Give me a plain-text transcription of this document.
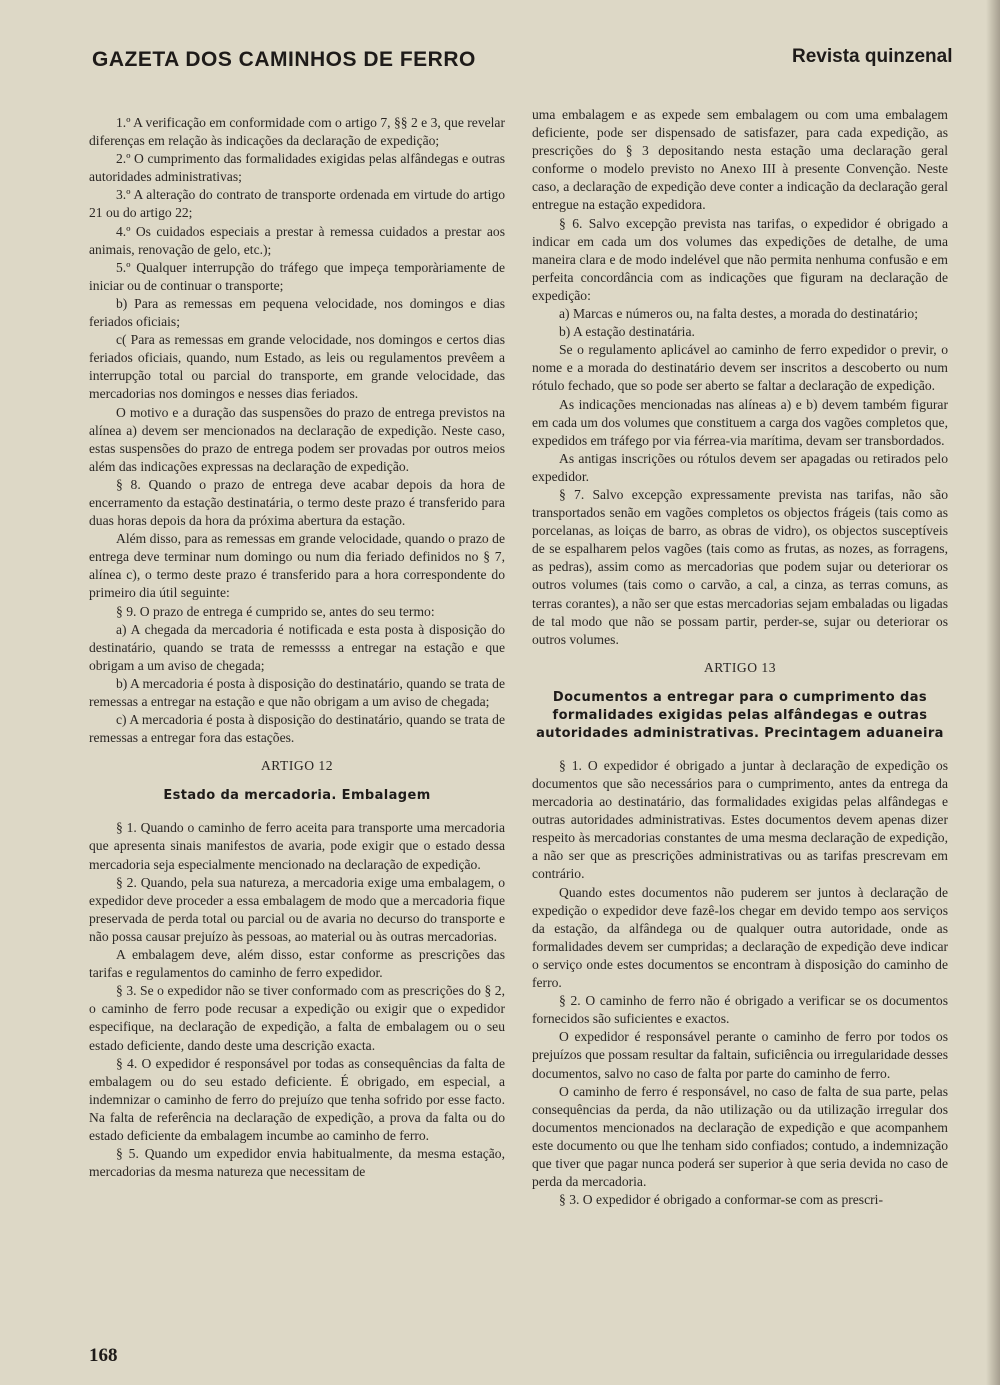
GAZETA DOS CAMINHOS DE FERRO	Revista quinzenal

1.º A verificação em conformidade com o artigo 7, §§ 2 e 3, que revelar diferenças em relação às indicações da declaração de expedição;

2.º O cumprimento das formalidades exigidas pelas alfândegas e outras autoridades administrativas;

3.º A alteração do contrato de transporte ordenada em virtude do artigo 21 ou do artigo 22;

4.º Os cuidados especiais a prestar à remessa cuidados a prestar aos animais, renovação de gelo, etc.);

5.º Qualquer interrupção do tráfego que impeça temporàriamente de iniciar ou de continuar o transporte;

b) Para as remessas em pequena velocidade, nos domingos e dias feriados oficiais;

c( Para as remessas em grande velocidade, nos domingos e certos dias feriados oficiais, quando, num Estado, as leis ou regulamentos prevêem a interrupção total ou parcial do transporte, em grande velocidade, das mercadorias nos domingos e nesses dias feriados.

O motivo e a duração das suspensões do prazo de entrega previstos na alínea a) devem ser mencionados na declaração de expedição. Neste caso, estas suspensões do prazo de entrega podem ser provadas por outros meios além das indicações expressas na declaração de expedição.

§ 8. Quando o prazo de entrega deve acabar depois da hora de encerramento da estação destinatária, o termo deste prazo é transferido para duas horas depois da hora da próxima abertura da estação.

Além disso, para as remessas em grande velocidade, quando o prazo de entrega deve terminar num domingo ou num dia feriado definidos no § 7, alínea c), o termo deste prazo é transferido para a hora correspondente do primeiro dia útil seguinte:

§ 9. O prazo de entrega é cumprido se, antes do seu termo:

a) A chegada da mercadoria é notificada e esta posta à disposição do destinatário, quando se trata de remessss a entregar na estação e que obrigam a um aviso de chegada;

b) A mercadoria é posta à disposição do destinatário, quando se trata de remessas a entregar na estação e que não obrigam a um aviso de chegada;

c) A mercadoria é posta à disposição do destinatário, quando se trata de remessas a entregar fora das estações.

ARTIGO 12
Estado da mercadoria. Embalagem

§ 1. Quando o caminho de ferro aceita para transporte uma mercadoria que apresenta sinais manifestos de avaria, pode exigir que o estado dessa mercadoria seja especialmente mencionado na declaração de expedição.

§ 2. Quando, pela sua natureza, a mercadoria exige uma embalagem, o expedidor deve proceder a essa embalagem de modo que a mercadoria fique preservada de perda total ou parcial ou de avaria no decurso do transporte e não possa causar prejuízo às pessoas, ao material ou às outras mercadorias.

A embalagem deve, além disso, estar conforme as prescrições das tarifas e regulamentos do caminho de ferro expedidor.

§ 3. Se o expedidor não se tiver conformado com as prescrições do § 2, o caminho de ferro pode recusar a expedição ou exigir que o expedidor especifique, na declaração de expedição, a falta de embalagem ou o seu estado deficiente, dando deste uma descrição exacta.

§ 4. O expedidor é responsável por todas as consequências da falta de embalagem ou do seu estado deficiente. É obrigado, em especial, a indemnizar o caminho de ferro do prejuízo que tenha sofrido por esse facto. Na falta de referência na declaração de expedição, a prova da falta ou do estado deficiente da embalagem incumbe ao caminho de ferro.

§ 5. Quando um expedidor envia habitualmente, da mesma estação, mercadorias da mesma natureza que necessitam de

uma embalagem e as expede sem embalagem ou com uma embalagem deficiente, pode ser dispensado de satisfazer, para cada expedição, as prescrições do § 3 depositando nesta estação uma declaração geral conforme o modelo previsto no Anexo III à presente Convenção. Neste caso, a declaração de expedição deve conter a indicação da declaração geral entregue na estação expedidora.

§ 6. Salvo excepção prevista nas tarifas, o expedidor é obrigado a indicar em cada um dos volumes das expedições de detalhe, de uma maneira clara e de modo indelével que não permita nenhuma confusão e em perfeita concordância com as indicações que figuram na declaração de expedição:

a) Marcas e números ou, na falta destes, a morada do destinatário;

b) A estação destinatária.

Se o regulamento aplicável ao caminho de ferro expedidor o previr, o nome e a morada do destinatário devem ser inscritos a descoberto ou num rótulo fechado, que so pode ser aberto se faltar a declaração de expedição.

As indicações mencionadas nas alíneas a) e b) devem também figurar em cada um dos volumes que constituem a carga dos vagões completos que, expedidos em tráfego por via férrea-via marítima, devam ser transbordados.

As antigas inscrições ou rótulos devem ser apagadas ou retirados pelo expedidor.

§ 7. Salvo excepção expressamente prevista nas tarifas, não são transportados senão em vagões completos os objectos frágeis (tais como as porcelanas, as loiças de barro, as obras de vidro), os objectos susceptíveis de se espalharem pelos vagões (tais como as frutas, as nozes, as forragens, as pedras), assim como as mercadorias que podem sujar ou deteriorar os outros volumes (tais como o carvão, a cal, a cinza, as terras comuns, as terras corantes), a não ser que estas mercadorias sejam embaladas ou ligadas de tal modo que não se possam partir, perder-se, sujar ou deteriorar os outros volumes.

ARTIGO 13
Documentos a entregar para o cumprimento das formalidades exigidas pelas alfândegas e outras autoridades administrativas. Precintagem aduaneira

§ 1. O expedidor é obrigado a juntar à declaração de expedição os documentos que são necessários para o cumprimento, antes da entrega da mercadoria ao destinatário, das formalidades exigidas pelas alfândegas e outras autoridades administrativas. Estes documentos devem apenas dizer respeito às mercadorias constantes de uma mesma declaração de expedição, a não ser que as prescrições administrativas ou as tarifas prescrevam em contrário.

Quando estes documentos não puderem ser juntos à declaração de expedição o expedidor deve fazê-los chegar em devido tempo aos serviços da estação, da alfândega ou de qualquer outra autoridade, onde as formalidades devem ser cumpridas; a declaração de expedição deve indicar o serviço onde estes documentos se encontram à disposição do caminho de ferro.

§ 2. O caminho de ferro não é obrigado a verificar se os documentos fornecidos são suficientes e exactos.

O expedidor é responsável perante o caminho de ferro por todos os prejuízos que possam resultar da faltain, suficiência ou irregularidade desses documentos, salvo no caso de falta por parte do caminho de ferro.

O caminho de ferro é responsável, no caso de falta de sua parte, pelas consequências da perda, da não utilização ou da utilização irregular dos documentos mencionados na declaração de expedição e que acompanhem este documento ou que lhe tenham sido confiados; contudo, a indemnização que tiver que pagar nunca poderá ser superior à que seria devida no caso de perda da mercadoria.

§ 3. O expedidor é obrigado a conformar-se com as prescri-

168
